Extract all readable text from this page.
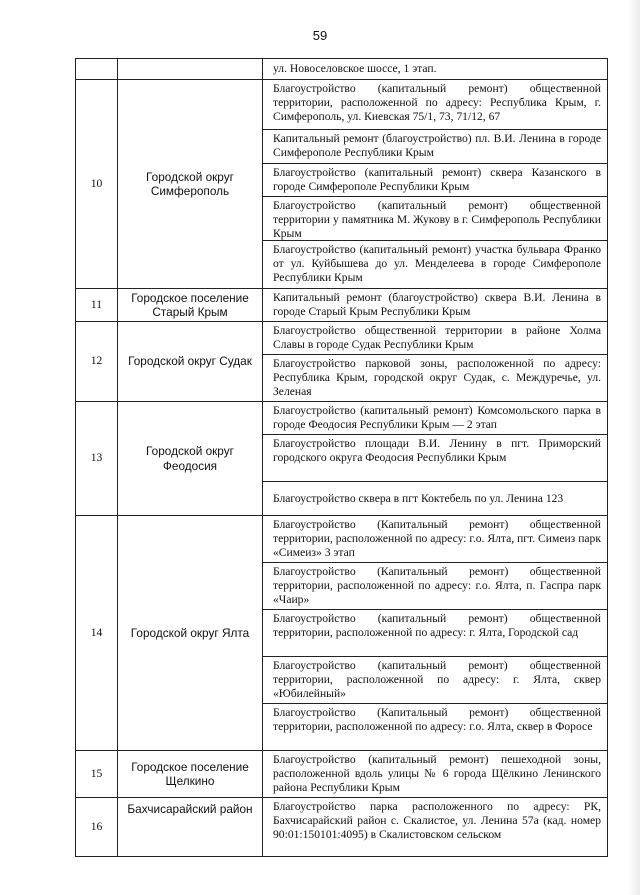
59

		ул. Новоселовское шоссе, 1 этап.

10	Городской округ Симферополь	Благоустройство (капитальный ремонт) общественной территории, расположенной по адресу: Республика Крым, г. Симферополь, ул. Киевская 75/1, 73, 71/12, 67
Капитальный ремонт (благоустройство) пл. В.И. Ленина в городе Симферополе Республики Крым
Благоустройство (капитальный ремонт) сквера Казанского в городе Симферополе Республики Крым
Благоустройство (капитальный ремонт) общественной территории у памятника М. Жукову в г. Симферополь Республики Крым
Благоустройство (капитальный ремонт) участка бульвара Франко от ул. Куйбышева до ул. Менделеева в городе Симферополе Республики Крым

11	Городское поселение Старый Крым	Капитальный ремонт (благоустройство) сквера В.И. Ленина в городе Старый Крым Республики Крым

12	Городской округ Судак	Благоустройство общественной территории в районе Холма Славы в городе Судак Республики Крым
Благоустройство парковой зоны, расположенной по адресу: Республика Крым, городской округ Судак, с. Междуречье, ул. Зеленая

13	Городской округ Феодосия	Благоустройство (капитальный ремонт) Комсомольского парка в городе Феодосия Республики Крым — 2 этап
Благоустройство площади В.И. Ленину в пгт. Приморский городского округа Феодосия Республики Крым
Благоустройство сквера в пгт Коктебель по ул. Ленина 123

14	Городской округ Ялта	Благоустройство (Капитальный ремонт) общественной территории, расположенной по адресу: г.о. Ялта, пгт. Симеиз парк «Симеиз» 3 этап
Благоустройство (Капитальный ремонт) общественной территории, расположенной по адресу: г.о. Ялта, п. Гаспра парк «Чаир»
Благоустройство (капитальный ремонт) общественной территории, расположенной по адресу: г. Ялта, Городской сад
Благоустройство (капитальный ремонт) общественной территории, расположенной по адресу: г. Ялта, сквер «Юбилейный»
Благоустройство (Капитальный ремонт) общественной территории, расположенной по адресу: г.о. Ялта, сквер в Форосе

15	Городское поселение Щелкино	Благоустройство (капитальный ремонт) пешеходной зоны, расположенной вдоль улицы № 6 города Щёлкино Ленинского района Республики Крым

16	Бахчисарайский район	Благоустройство парка расположенного по адресу: РК, Бахчисарайский район с. Скалистое, ул. Ленина 57а (кад. номер 90:01:150101:4095) в Скалистовском сельском
